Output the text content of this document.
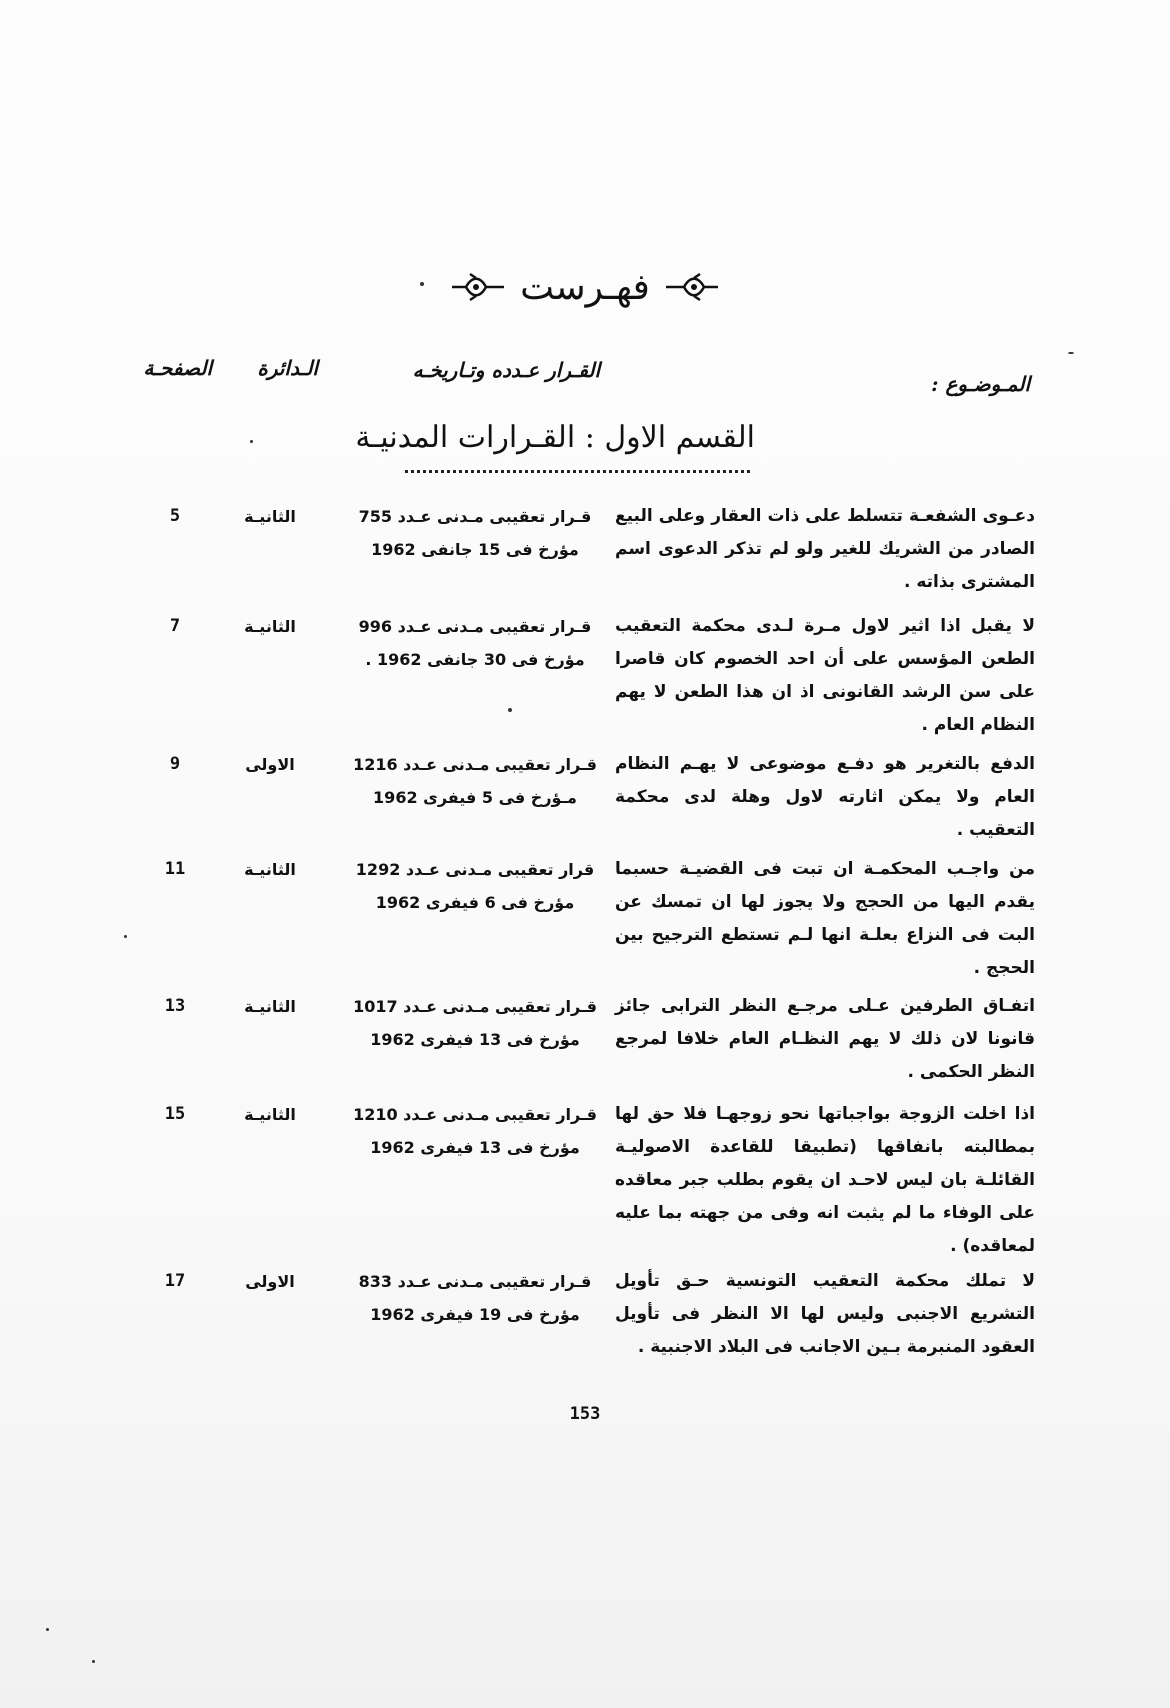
فهـرست
المـوضـوع :
القـرار عـدده وتـاريخـه
الـدائرة
الصفحـة
القسم الاول : القـرارات المدنيـة
دعـوى الشفعـة تتسلط على ذات العقار وعلى البيع الصادر من الشريك للغير ولو لم تذكر الدعوى اسم المشترى بذاته .
قـرار تعقيبى مـدنى عـدد 755
مؤرخ فى 15 جانفى 1962
الثانيـة
5
لا يقبل اذا اثير لاول مـرة لـدى محكمة التعقيب الطعن المؤسس على أن احد الخصوم كان قاصرا على سن الرشد القانونى اذ ان هذا الطعن لا يهم النظام العام .
قـرار تعقيبى مـدنى عـدد 996
مؤرخ فى 30 جانفى 1962 .
الثانيـة
7
الدفع بالتغرير هو دفـع موضوعى لا يهـم النظام العام ولا يمكن اثارته لاول وهلة لدى محكمة التعقيب .
قـرار تعقيبى مـدنى عـدد 1216
مـؤرخ فى 5 فيفرى 1962
الاولى
9
من واجـب المحكمـة ان تبت فى القضيـة حسبما يقدم اليها من الحجج ولا يجوز لها ان تمسك عن البت فى النزاع بعلـة انها لـم تستطع الترجيح بين الحجج .
قرار تعقيبى مـدنى عـدد 1292
مؤرخ فى 6 فيفرى 1962
الثانيـة
11
اتفـاق الطرفين عـلى مرجـع النظر الترابى جائز قانونا لان ذلك لا يهم النظـام العام خلافا لمرجع النظر الحكمى .
قـرار تعقيبى مـدنى عـدد 1017
مؤرخ فى 13 فيفرى 1962
الثانيـة
13
اذا اخلت الزوجة بواجباتها نحو زوجهـا فلا حق لها بمطالبته بانفاقها (تطبيقا للقاعدة الاصوليـة القائلـة بان ليس لاحـد ان يقوم بطلب جبر معاقده على الوفاء ما لم يثبت انه وفى من جهته بما عليه لمعاقده) .
قـرار تعقيبى مـدنى عـدد 1210
مؤرخ فى 13 فيفرى 1962
الثانيـة
15
لا تملك محكمة التعقيب التونسية حـق تأويل التشريع الاجنبى وليس لها الا النظر فى تأويل العقود المنبرمة بـين الاجانب فى البلاد الاجنبية .
قـرار تعقيبى مـدنى عـدد 833
مؤرخ فى 19 فيفرى 1962
الاولى
17
153
